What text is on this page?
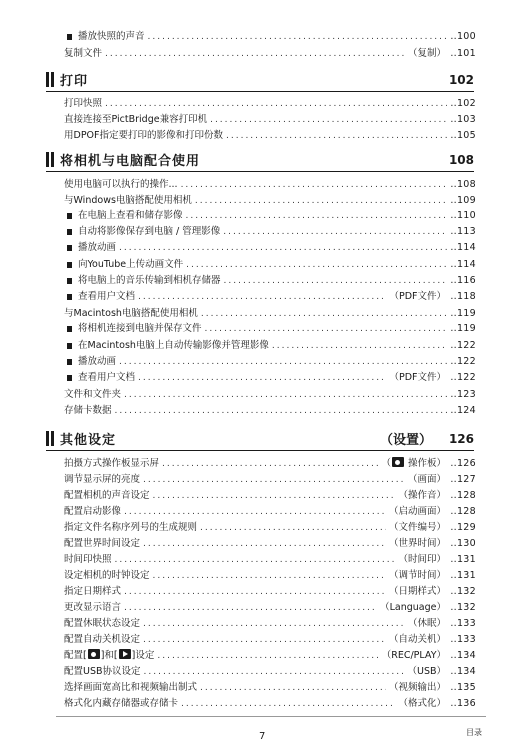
播放快照的声音 .....	..100
复制文件 .....	（复制） ..101
打印	102
打印快照 .....	..102
直接连接至PictBridge兼容打印机 .....	..103
用DPOF指定要打印的影像和打印份数 .....	..105
将相机与电脑配合使用	108
使用电脑可以执行的操作... .....	..108
与Windows电脑搭配使用相机 .....	..109
在电脑上查看和储存影像 .....	..110
自动将影像保存到电脑 / 管理影像 .....	..113
播放动画 .....	..114
向YouTube上传动画文件 .....	..114
将电脑上的音乐传输到相机存储器 .....	..116
查看用户文档 .....	（PDF文件） ..118
与Macintosh电脑搭配使用相机 .....	..119
将相机连接到电脑并保存文件 .....	..119
在Macintosh电脑上自动传输影像并管理影像 .....	..122
播放动画 .....	..122
查看用户文档 .....	（PDF文件） ..122
文件和文件夹 .....	..123
存储卡数据 .....	..124
其他设定	（设置） 126
拍摄方式操作板显示屏 .....	（ 操作板） ..126
调节显示屏的亮度 .....	（画面） ..127
配置相机的声音设定 .....	（操作音） ..128
配置启动影像 .....	（启动画面） ..128
指定文件名称序列号的生成规则 .....	（文件编号） ..129
配置世界时间设定 .....	（世界时间） ..130
时间印快照 .....	（时间印） ..131
设定相机的时钟设定 .....	（调节时间） ..131
指定日期样式 .....	（日期样式） ..132
更改显示语言 .....	（Language） ..132
配置休眠状态设定 .....	（休眠） ..133
配置自动关机设定 .....	（自动关机） ..133
配置[ ]和[ ]设定 .....	（REC/PLAY） ..134
配置USB协议设定 .....	（USB） ..134
选择画面宽高比和视频输出制式 .....	（视频输出） ..135
格式化内藏存储器或存储卡 .....	（格式化） ..136
7	目录
